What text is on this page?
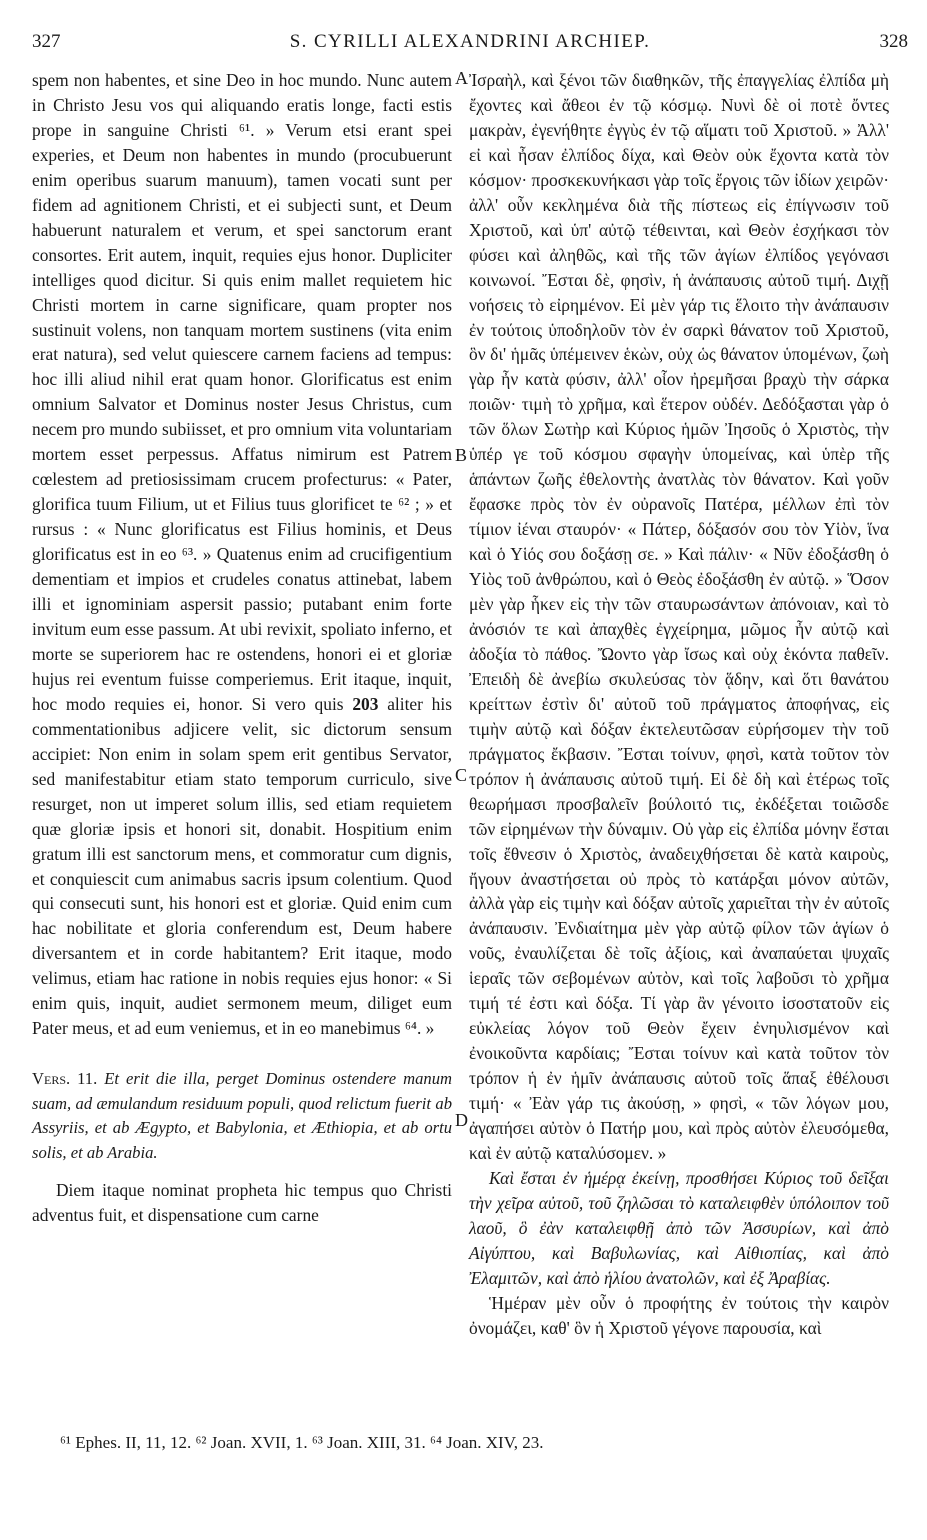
327	S. CYRILLI ALEXANDRINI ARCHIEP.	328

spem non habentes, et sine Deo in hoc mundo. Nunc autem in Christo Jesu vos qui aliquando eratis longe, facti estis prope in sanguine Christi ⁶¹. » Verum etsi erant spei experies, et Deum non habentes in mundo (procubuerunt enim operibus suarum manuum), tamen vocati sunt per fidem ad agnitionem Christi, et ei subjecti sunt, et Deum habuerunt naturalem et verum, et spei sanctorum erant consortes. Erit autem, inquit, requies ejus honor. Dupliciter intelliges quod dicitur. Si quis enim mallet requietem hic Christi mortem in carne significare, quam propter nos sustinuit volens, non tanquam mortem sustinens (vita enim erat natura), sed velut quiescere carnem faciens ad tempus: hoc illi aliud nihil erat quam honor. Glorificatus est enim omnium Salvator et Dominus noster Jesus Christus, cum necem pro mundo subiisset, et pro omnium vita voluntariam mortem esset perpessus. Affatus nimirum est Patrem cœlestem ad pretiosissimam crucem profecturus: « Pater, glorifica tuum Filium, ut et Filius tuus glorificet te ⁶² ; » et rursus : « Nunc glorificatus est Filius hominis, et Deus glorificatus est in eo ⁶³. » Quatenus enim ad crucifigentium dementiam et impios et crudeles conatus attinebat, labem illi et ignominiam aspersit passio; putabant enim forte invitum eum esse passum. At ubi revixit, spoliato inferno, et morte se superiorem hac re ostendens, honori ei et gloriæ hujus rei eventum fuisse comperiemus. Erit itaque, inquit, hoc modo requies ei, honor. Si vero quis 203 aliter his commentationibus adjicere velit, sic dictorum sensum accipiet: Non enim in solam spem erit gentibus Servator, sed manifestabitur etiam stato temporum curriculo, sive resurget, non ut imperet solum illis, sed etiam requietem quæ gloriæ ipsis et honori sit, donabit. Hospitium enim gratum illi est sanctorum mens, et commoratur cum dignis, et conquiescit cum animabus sacris ipsum colentium. Quod qui consecuti sunt, his honori est et gloriæ. Quid enim cum hac nobilitate et gloria conferendum est, Deum habere diversantem et in corde habitantem? Erit itaque, modo velimus, etiam hac ratione in nobis requies ejus honor: « Si enim quis, inquit, audiet sermonem meum, diliget eum Pater meus, et ad eum veniemus, et in eo manebimus ⁶⁴. »

Vers. 11. Et erit die illa, perget Dominus ostendere manum suam, ad æmulandum residuum populi, quod relictum fuerit ab Assyriis, et ab Ægypto, et Babylonia, et Æthiopia, et ab ortu solis, et ab Arabia.

Diem itaque nominat propheta hic tempus quo Christi adventus fuit, et dispensatione cum carne

Ἰσραὴλ, καὶ ξένοι τῶν διαθηκῶν, τῆς ἐπαγγελίας ἐλπίδα μὴ ἔχοντες καὶ ἄθεοι ἐν τῷ κόσμῳ. Νυνὶ δὲ οἱ ποτὲ ὄντες μακρὰν, ἐγενήθητε ἐγγὺς ἐν τῷ αἵματι τοῦ Χριστοῦ. » Ἀλλ' εἰ καὶ ἦσαν ἐλπίδος δίχα, καὶ Θεὸν οὐκ ἔχοντα κατὰ τὸν κόσμον· προσκεκυνήκασι γὰρ τοῖς ἔργοις τῶν ἰδίων χειρῶν· ἀλλ' οὖν κεκλημένα διὰ τῆς πίστεως εἰς ἐπίγνωσιν τοῦ Χριστοῦ, καὶ ὑπ' αὐτῷ τέθεινται, καὶ Θεὸν ἐσχήκασι τὸν φύσει καὶ ἀληθῶς, καὶ τῆς τῶν ἁγίων ἐλπίδος γεγόνασι κοινωνοί. Ἔσται δὲ, φησὶν, ἡ ἀνάπαυσις αὐτοῦ τιμή. Διχῇ νοήσεις τὸ εἰρημένον. Εἰ μὲν γάρ τις ἕλοιτο τὴν ἀνάπαυσιν ἐν τούτοις ὑποδηλοῦν τὸν ἐν σαρκὶ θάνατον τοῦ Χριστοῦ, ὃν δι' ἡμᾶς ὑπέμεινεν ἑκὼν, οὐχ ὡς θάνατον ὑπομένων, ζωὴ γὰρ ἦν κατὰ φύσιν, ἀλλ' οἷον ἠρεμῆσαι βραχὺ τὴν σάρκα ποιῶν· τιμὴ τὸ χρῆμα, καὶ ἕτερον οὐδέν. Δεδόξασται γὰρ ὁ τῶν ὅλων Σωτὴρ καὶ Κύριος ἡμῶν Ἰησοῦς ὁ Χριστὸς, τὴν ὑπέρ γε τοῦ κόσμου σφαγὴν ὑπομείνας, καὶ ὑπὲρ τῆς ἁπάντων ζωῆς ἐθελοντὴς ἀνατλὰς τὸν θάνατον. Καὶ γοῦν ἔφασκε πρὸς τὸν ἐν οὐρανοῖς Πατέρα, μέλλων ἐπὶ τὸν τίμιον ἰέναι σταυρόν· « Πάτερ, δόξασόν σου τὸν Υἱὸν, ἵνα καὶ ὁ Υἱός σου δοξάσῃ σε. » Καὶ πάλιν· « Νῦν ἐδοξάσθη ὁ Υἱὸς τοῦ ἀνθρώπου, καὶ ὁ Θεὸς ἐδοξάσθη ἐν αὐτῷ. » Ὅσον μὲν γὰρ ἧκεν εἰς τὴν τῶν σταυρωσάντων ἀπόνοιαν, καὶ τὸ ἀνόσιόν τε καὶ ἀπαχθὲς ἐγχείρημα, μῶμος ἦν αὐτῷ καὶ ἀδοξία τὸ πάθος. Ὤοντο γὰρ ἴσως καὶ οὐχ ἑκόντα παθεῖν. Ἐπειδὴ δὲ ἀνεβίω σκυλεύσας τὸν ᾅδην, καὶ ὅτι θανάτου κρείττων ἐστὶν δι' αὐτοῦ τοῦ πράγματος ἀποφήνας, εἰς τιμὴν αὐτῷ καὶ δόξαν ἐκτελευτῶσαν εὑρήσομεν τὴν τοῦ πράγματος ἔκβασιν. Ἔσται τοίνυν, φησὶ, κατὰ τοῦτον τὸν τρόπον ἡ ἀνάπαυσις αὐτοῦ τιμή. Εἰ δὲ δὴ καὶ ἑτέρως τοῖς θεωρήμασι προσβαλεῖν βούλοιτό τις, ἐκδέξεται τοιῶσδε τῶν εἰρημένων τὴν δύναμιν. Οὐ γὰρ εἰς ἐλπίδα μόνην ἔσται τοῖς ἔθνεσιν ὁ Χριστὸς, ἀναδειχθήσεται δὲ κατὰ καιροὺς, ἤγουν ἀναστήσεται οὐ πρὸς τὸ κατάρξαι μόνον αὐτῶν, ἀλλὰ γὰρ εἰς τιμὴν καὶ δόξαν αὐτοῖς χαριεῖται τὴν ἐν αὐτοῖς ἀνάπαυσιν. Ἐνδιαίτημα μὲν γὰρ αὐτῷ φίλον τῶν ἁγίων ὁ νοῦς, ἐναυλίζεται δὲ τοῖς ἀξίοις, καὶ ἀναπαύεται ψυχαῖς ἱεραῖς τῶν σεβομένων αὐτὸν, καὶ τοῖς λαβοῦσι τὸ χρῆμα τιμή τέ ἐστι καὶ δόξα. Τί γὰρ ἂν γένοιτο ἰσοστατοῦν εἰς εὐκλείας λόγον τοῦ Θεὸν ἔχειν ἐνηυλισμένον καὶ ἐνοικοῦντα καρδίαις; Ἔσται τοίνυν καὶ κατὰ τοῦτον τὸν τρόπον ἡ ἐν ἡμῖν ἀνάπαυσις αὐτοῦ τοῖς ἅπαξ ἐθέλουσι τιμή· « Ἐὰν γάρ τις ἀκούσῃ, » φησὶ, « τῶν λόγων μου, ἀγαπήσει αὐτὸν ὁ Πατήρ μου, καὶ πρὸς αὐτὸν ἐλευσόμεθα, καὶ ἐν αὐτῷ καταλύσομεν. »

Καὶ ἔσται ἐν ἡμέρᾳ ἐκείνῃ, προσθήσει Κύριος τοῦ δεῖξαι τὴν χεῖρα αὐτοῦ, τοῦ ζηλῶσαι τὸ καταλειφθὲν ὑπόλοιπον τοῦ λαοῦ, ὃ ἐὰν καταλειφθῇ ἀπὸ τῶν Ἀσσυρίων, καὶ ἀπὸ Αἰγύπτου, καὶ Βαβυλωνίας, καὶ Αἰθιοπίας, καὶ ἀπὸ Ἐλαμιτῶν, καὶ ἀπὸ ἡλίου ἀνατολῶν, καὶ ἐξ Ἀραβίας.

Ἡμέραν μὲν οὖν ὁ προφήτης ἐν τούτοις τὴν καιρὸν ὀνομάζει, καθ' ὃν ἡ Χριστοῦ γέγονε παρουσία, καὶ

A
B
C
D
⁶¹ Ephes. II, 11, 12. ⁶² Joan. XVII, 1. ⁶³ Joan. XIII, 31. ⁶⁴ Joan. XIV, 23.
